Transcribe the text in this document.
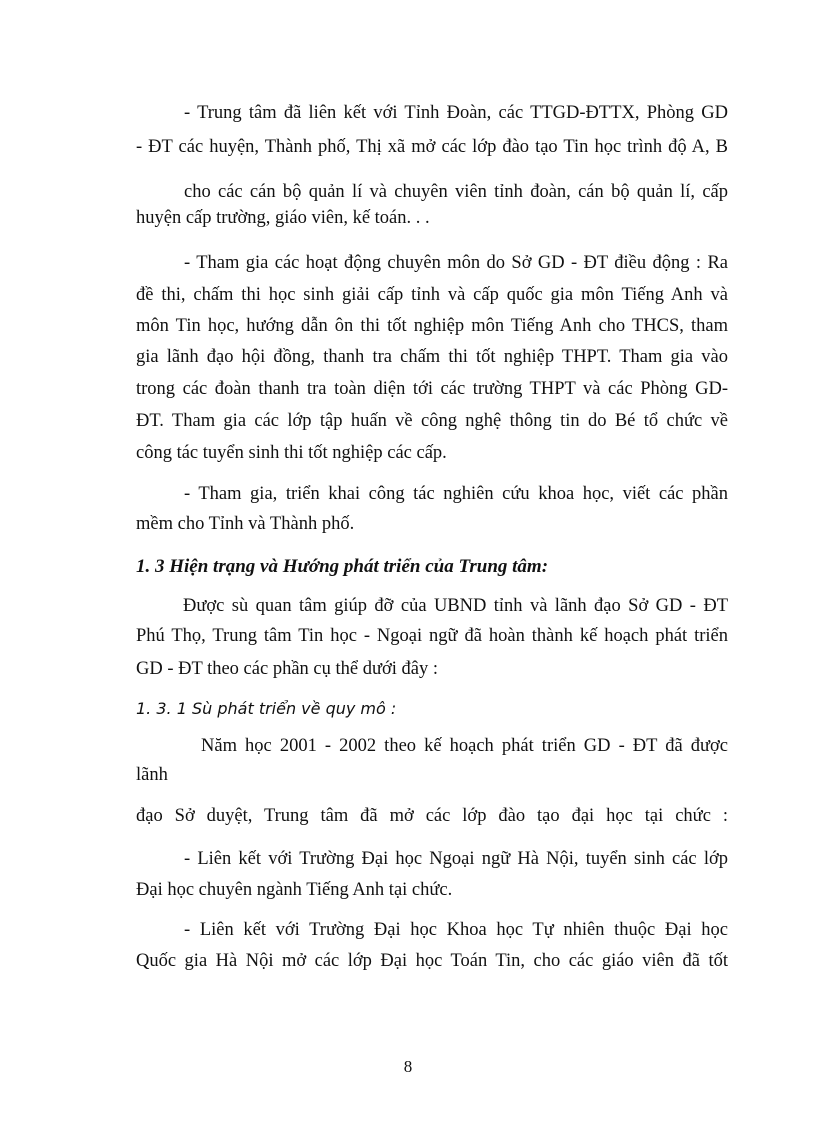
- Trung tâm đã liên kết với Tỉnh Đoàn, các TTGD-ĐTTX, Phòng GD
- ĐT các huyện, Thành phố, Thị xã mở các lớp đào tạo Tin học trình độ A, B
cho các cán bộ quản lí và chuyên viên tỉnh đoàn, cán bộ quản lí, cấp
huyện cấp trường, giáo viên, kế toán. . .
- Tham gia các hoạt động chuyên môn do Sở GD - ĐT điều động : Ra
đề thi, chấm thi học sinh giải cấp tỉnh và cấp quốc gia môn Tiếng Anh và
môn Tin học, hướng dẫn ôn thi tốt nghiệp môn Tiếng Anh cho THCS, tham
gia lãnh đạo hội đồng, thanh tra chấm thi tốt nghiệp THPT. Tham gia vào
trong các đoàn thanh tra toàn diện tới các trường THPT và các Phòng GD-
ĐT. Tham gia các lớp tập huấn về công nghệ thông tin do Bé tổ chức về
công tác tuyển sinh thi tốt nghiệp các cấp.
- Tham gia, triển khai công tác nghiên cứu khoa học, viết các phần
mềm cho Tỉnh và Thành phố.
1. 3 Hiện trạng và Hướng phát triển của Trung tâm:
Được sù quan tâm giúp đỡ của UBND tỉnh và lãnh đạo Sở GD - ĐT
Phú Thọ, Trung tâm Tin học - Ngoại ngữ đã hoàn thành kế hoạch phát triển
GD - ĐT theo các phần cụ thể dưới đây :
1. 3. 1 Sù phát triển về quy mô :
Năm học 2001 - 2002 theo kế hoạch phát triển GD - ĐT đã được
lãnh
đạo Sở duyệt, Trung tâm đã mở các lớp đào tạo đại học tại chức :
- Liên kết với Trường Đại học Ngoại ngữ Hà Nội, tuyển sinh các lớp
Đại học chuyên ngành Tiếng Anh tại chức.
- Liên kết với Trường Đại học Khoa học Tự nhiên thuộc Đại học
Quốc gia Hà Nội mở các lớp Đại học Toán Tin, cho các giáo viên đã tốt
8
